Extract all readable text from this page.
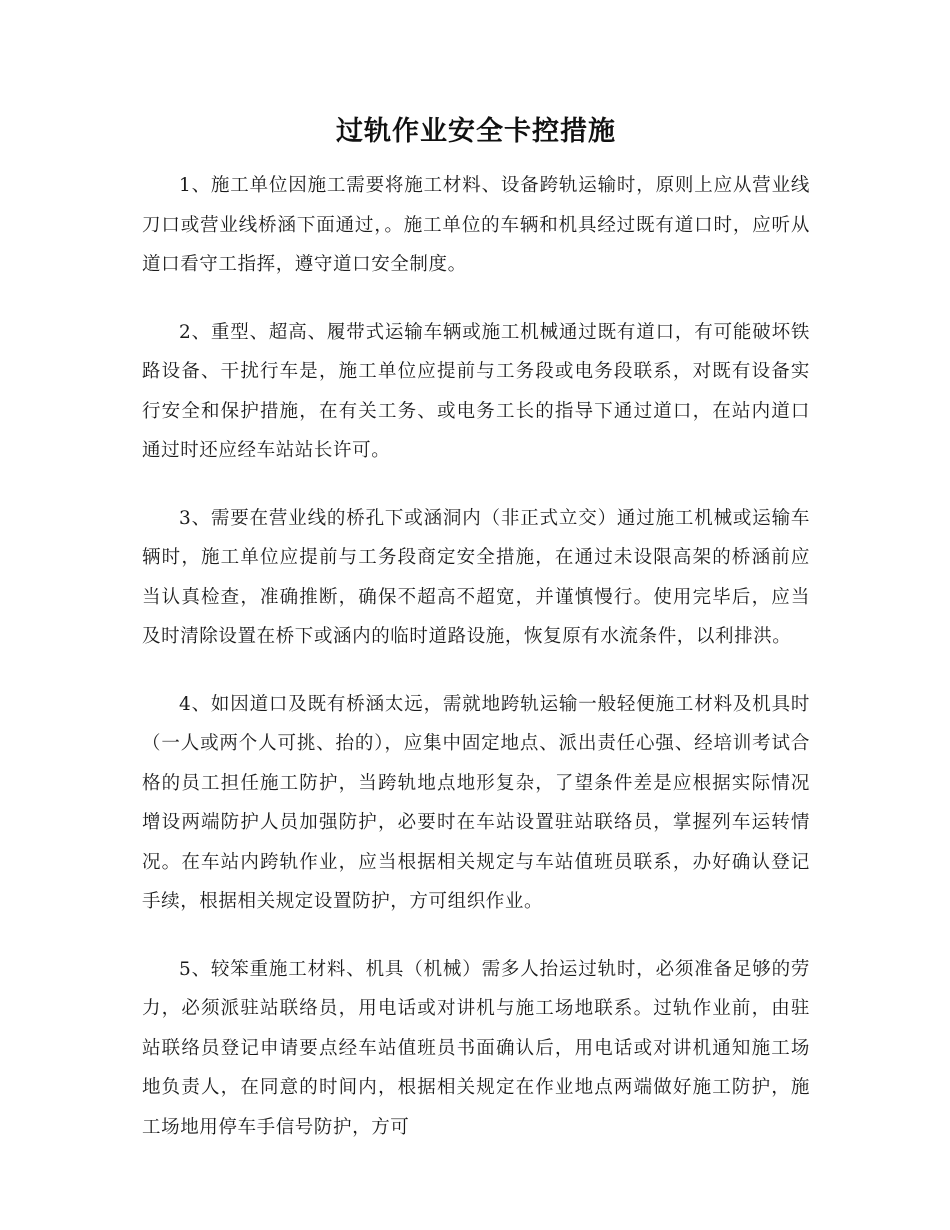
过轨作业安全卡控措施

1、施工单位因施工需要将施工材料、设备跨轨运输时，原则上应从营业线刀口或营业线桥涵下面通过，。施工单位的车辆和机具经过既有道口时，应听从道口看守工指挥，遵守道口安全制度。

2、重型、超高、履带式运输车辆或施工机械通过既有道口，有可能破坏铁路设备、干扰行车是，施工单位应提前与工务段或电务段联系，对既有设备实行安全和保护措施，在有关工务、或电务工长的指导下通过道口，在站内道口通过时还应经车站站长许可。

3、需要在营业线的桥孔下或涵洞内（非正式立交）通过施工机械或运输车辆时，施工单位应提前与工务段商定安全措施，在通过未设限高架的桥涵前应当认真检查，准确推断，确保不超高不超宽，并谨慎慢行。使用完毕后，应当及时清除设置在桥下或涵内的临时道路设施，恢复原有水流条件，以利排洪。

4、如因道口及既有桥涵太远，需就地跨轨运输一般轻便施工材料及机具时（一人或两个人可挑、抬的），应集中固定地点、派出责任心强、经培训考试合格的员工担任施工防护，当跨轨地点地形复杂，了望条件差是应根据实际情况增设两端防护人员加强防护，必要时在车站设置驻站联络员，掌握列车运转情况。在车站内跨轨作业，应当根据相关规定与车站值班员联系，办好确认登记手续，根据相关规定设置防护，方可组织作业。

5、较笨重施工材料、机具（机械）需多人抬运过轨时，必须准备足够的劳力，必须派驻站联络员，用电话或对讲机与施工场地联系。过轨作业前，由驻站联络员登记申请要点经车站值班员书面确认后，用电话或对讲机通知施工场地负责人，在同意的时间内，根据相关规定在作业地点两端做好施工防护，施工场地用停车手信号防护，方可
